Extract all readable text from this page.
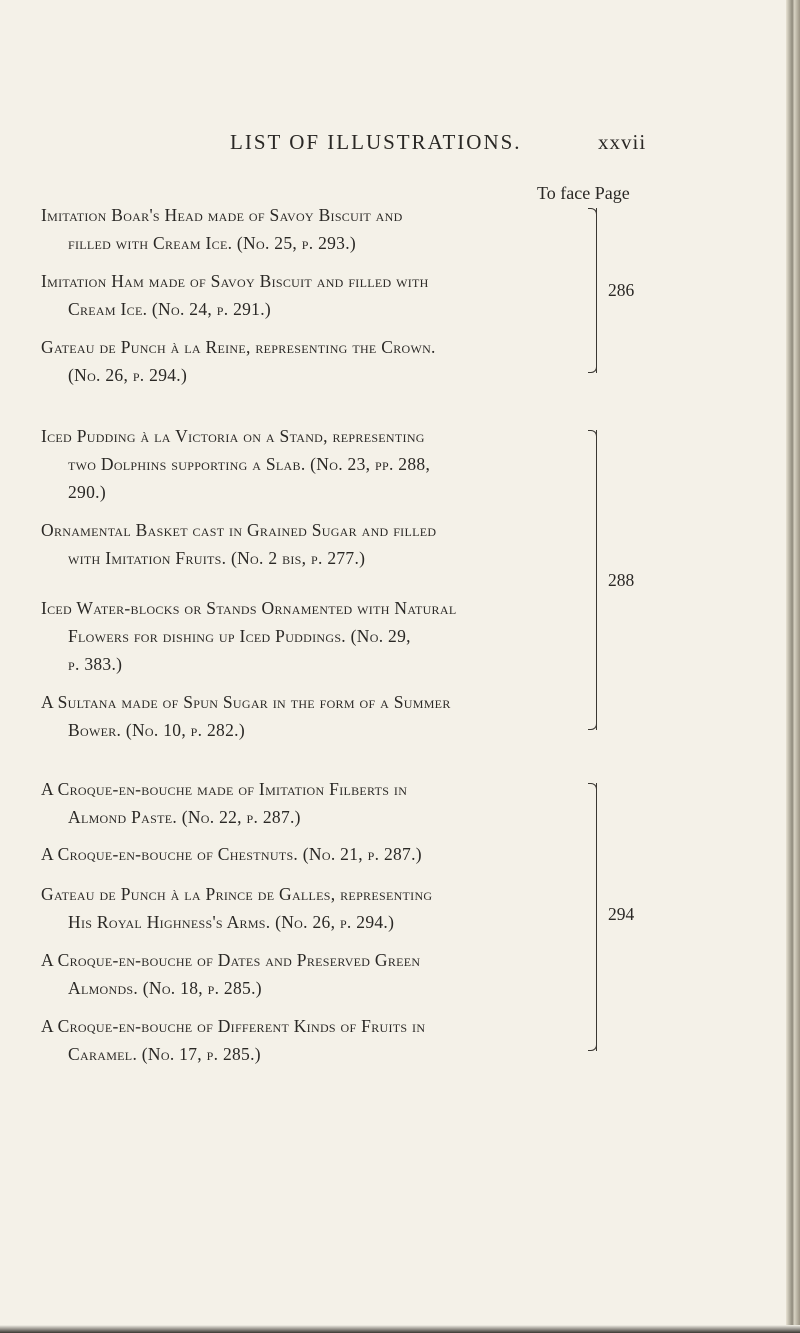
LIST OF ILLUSTRATIONS.	xxvii
To face Page
Imitation Boar's Head made of Savoy Biscuit and
filled with Cream Ice. (No. 25, p. 293.)
Imitation Ham made of Savoy Biscuit and filled with
Cream Ice. (No. 24, p. 291.)
Gateau de Punch à la Reine, representing the Crown.
(No. 26, p. 294.)
286
Iced Pudding à la Victoria on a Stand, representing
two Dolphins supporting a Slab. (No. 23, pp. 288,
290.)
Ornamental Basket cast in Grained Sugar and filled
with Imitation Fruits. (No. 2 bis, p. 277.)
Iced Water-blocks or Stands Ornamented with Natural
Flowers for dishing up Iced Puddings. (No. 29,
p. 383.)
A Sultana made of Spun Sugar in the form of a Summer
Bower. (No. 10, p. 282.)
288
A Croque-en-bouche made of Imitation Filberts in
Almond Paste. (No. 22, p. 287.)
A Croque-en-bouche of Chestnuts. (No. 21, p. 287.)
Gateau de Punch à la Prince de Galles, representing
His Royal Highness's Arms. (No. 26, p. 294.)
A Croque-en-bouche of Dates and Preserved Green
Almonds. (No. 18, p. 285.)
A Croque-en-bouche of Different Kinds of Fruits in
Caramel. (No. 17, p. 285.)
294
